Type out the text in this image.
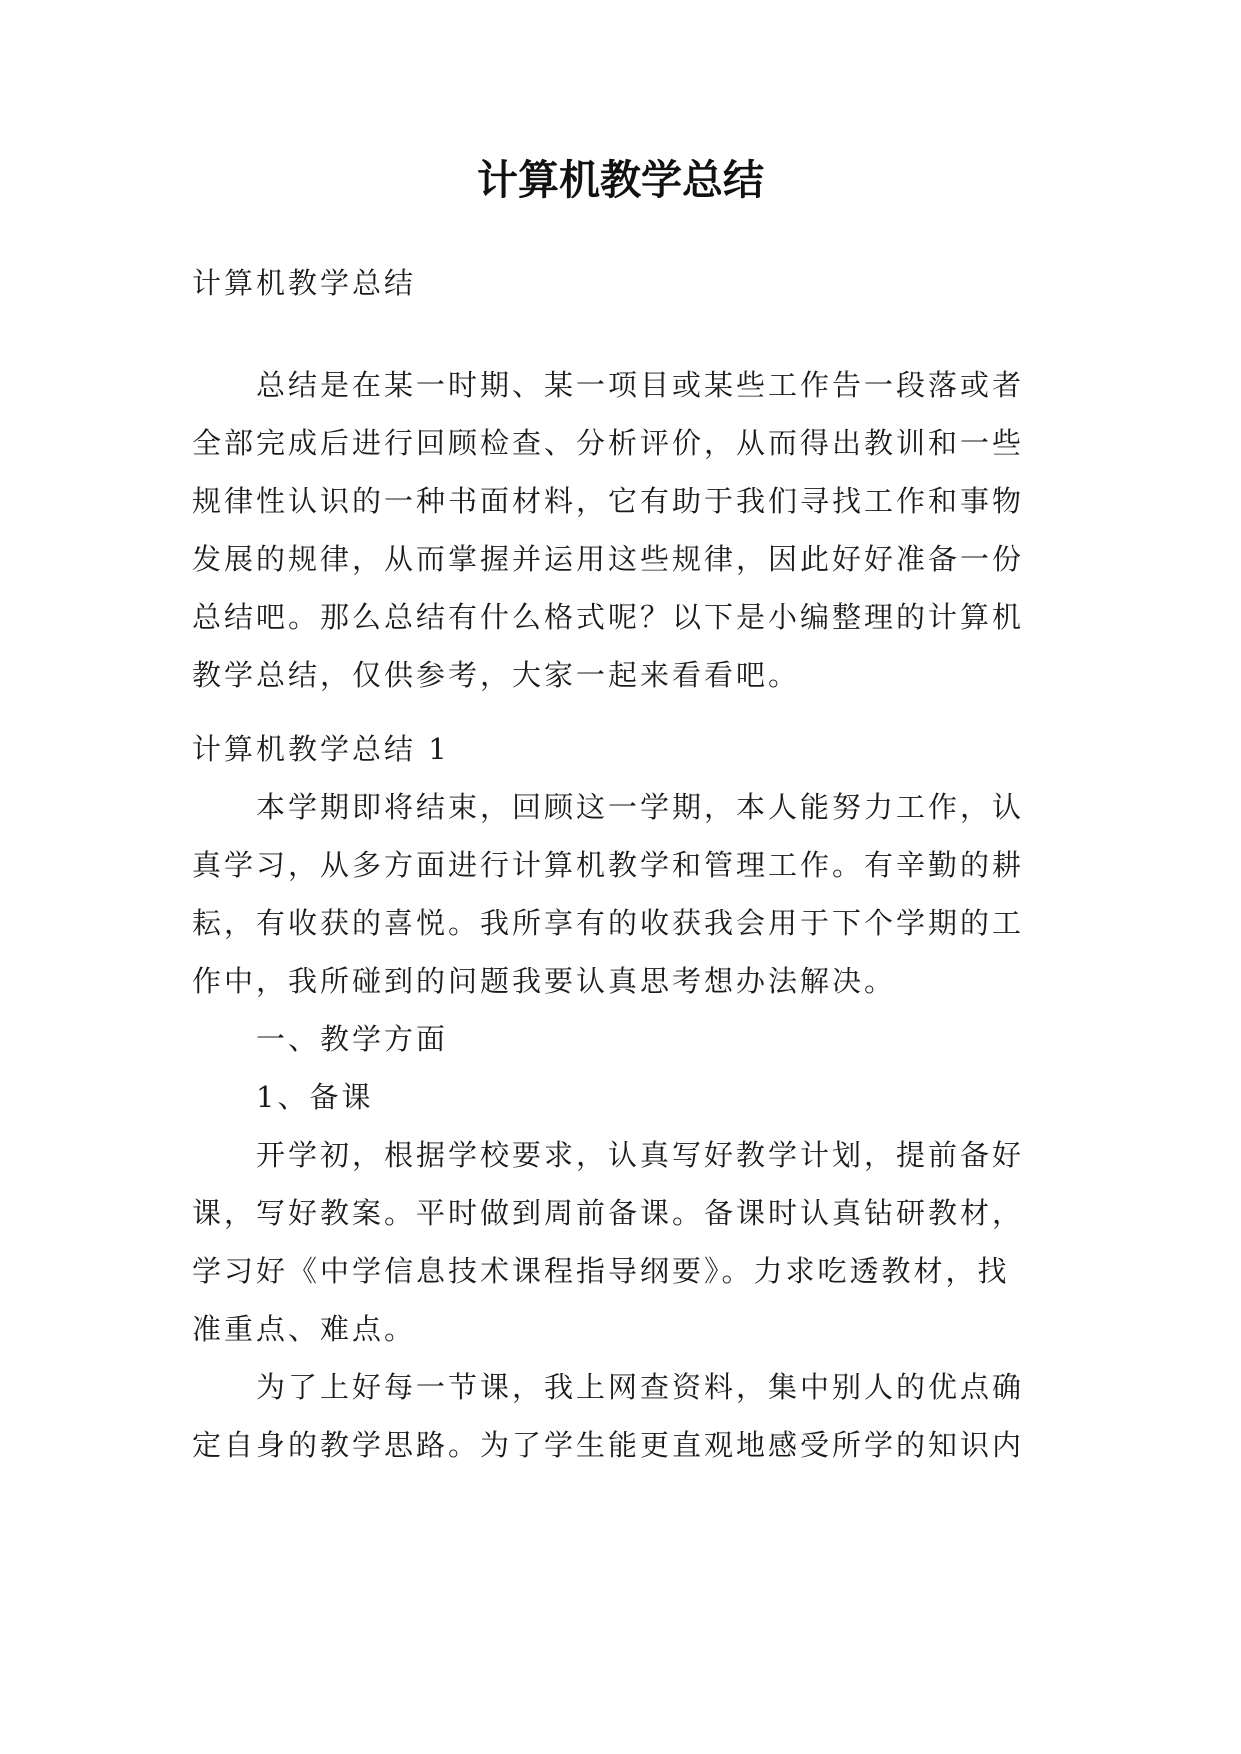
计算机教学总结

计算机教学总结

总结是在某一时期、某一项目或某些工作告一段落或者
全部完成后进行回顾检查、分析评价，从而得出教训和一些
规律性认识的一种书面材料，它有助于我们寻找工作和事物
发展的规律，从而掌握并运用这些规律，因此好好准备一份
总结吧。那么总结有什么格式呢？以下是小编整理的计算机
教学总结，仅供参考，大家一起来看看吧。
计算机教学总结 1
本学期即将结束，回顾这一学期，本人能努力工作，认
真学习，从多方面进行计算机教学和管理工作。有辛勤的耕
耘，有收获的喜悦。我所享有的收获我会用于下个学期的工
作中，我所碰到的问题我要认真思考想办法解决。
一、教学方面
1、备课
开学初，根据学校要求，认真写好教学计划，提前备好
课，写好教案。平时做到周前备课。备课时认真钻研教材，
学习好《中学信息技术课程指导纲要》。力求吃透教材，找
准重点、难点。
为了上好每一节课，我上网查资料，集中别人的优点确
定自身的教学思路。为了学生能更直观地感受所学的知识内
